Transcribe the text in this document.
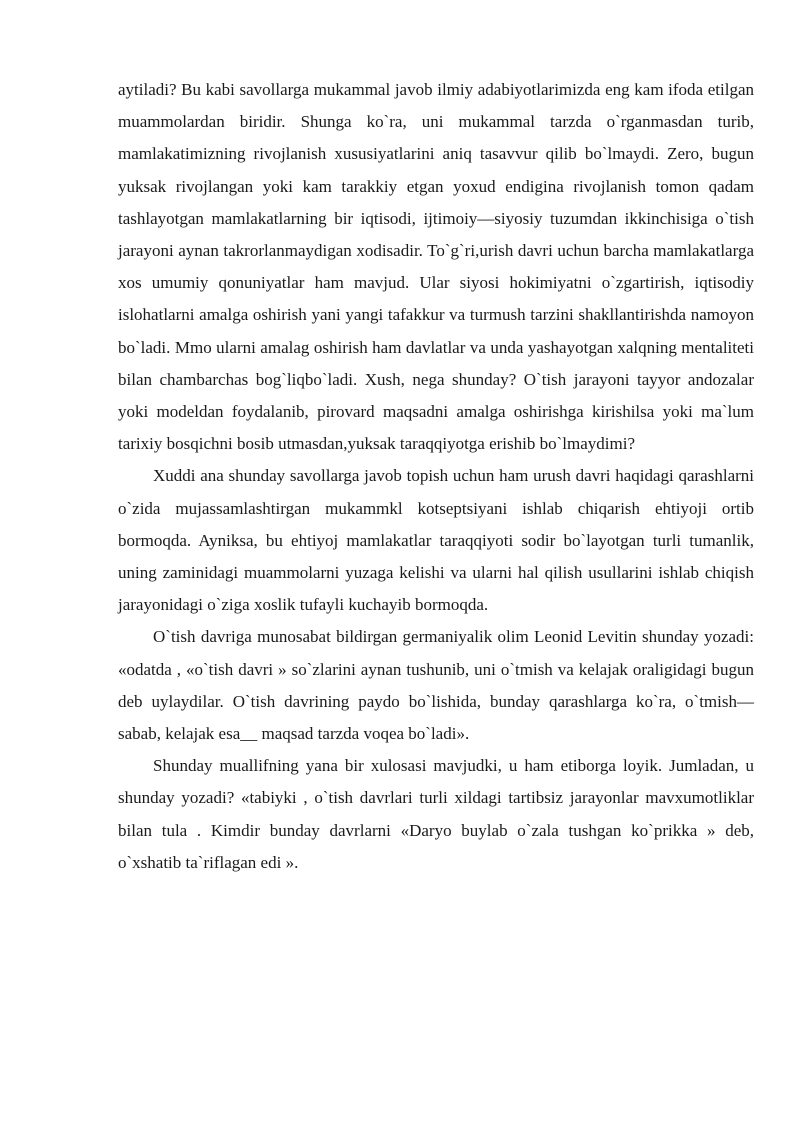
aytiladi? Bu kabi savollarga mukammal javob ilmiy adabiyotlarimizda eng kam ifoda etilgan muammolardan biridir. Shunga ko`ra, uni mukammal tarzda o`rganmasdan turib, mamlakatimizning rivojlanish xususiyatlarini aniq tasavvur qilib bo`lmaydi. Zero, bugun yuksak rivojlangan yoki kam tarakkiy etgan yoxud endigina rivojlanish tomon qadam tashlayotgan mamlakatlarning bir iqtisodi, ijtimoiy—siyosiy tuzumdan ikkinchisiga o`tish jarayoni aynan takrorlanmaydigan xodisadir. To`g`ri,urish davri uchun barcha mamlakatlarga xos umumiy qonuniyatlar ham mavjud. Ular siyosi hokimiyatni o`zgartirish, iqtisodiy islohatlarni amalga oshirish yani yangi tafakkur va turmush tarzini shakllantirishda namoyon bo`ladi. Mmo ularni amalag oshirish ham davlatlar va unda yashayotgan xalqning mentaliteti bilan chambarchas bog`liqbo`ladi. Xush, nega shunday? O`tish jarayoni tayyor andozalar yoki modeldan foydalanib, pirovard maqsadni amalga oshirishga kirishilsa yoki ma`lum tarixiy bosqichni bosib utmasdan,yuksak taraqqiyotga erishib bo`lmaydimi?

Xuddi ana shunday savollarga javob topish uchun ham urush davri haqidagi qarashlarni o`zida mujassamlashtirgan mukammkl kotseptsiyani ishlab chiqarish ehtiyoji ortib bormoqda. Ayniksa, bu ehtiyoj mamlakatlar taraqqiyoti sodir bo`layotgan turli tumanlik, uning zaminidagi muammolarni yuzaga kelishi va ularni hal qilish usullarini ishlab chiqish jarayonidagi o`ziga xoslik tufayli kuchayib bormoqda.

O`tish davriga munosabat bildirgan germaniyalik olim Leonid Levitin shunday yozadi: «odatda , «o`tish davri » so`zlarini aynan tushunib, uni o`tmish va kelajak oraligidagi bugun deb uylaydilar. O`tish davrining paydo bo`lishida, bunday qarashlarga ko`ra, o`tmish—sabab, kelajak esa__ maqsad tarzda voqea bo`ladi».

Shunday muallifning yana bir xulosasi mavjudki, u ham etiborga loyik. Jumladan, u shunday yozadi? «tabiyki , o`tish davrlari turli xildagi tartibsiz jarayonlar mavxumotliklar bilan tula . Kimdir bunday davrlarni «Daryo buylab o`zala tushgan ko`prikka » deb, o`xshatib ta`riflagan edi ».
